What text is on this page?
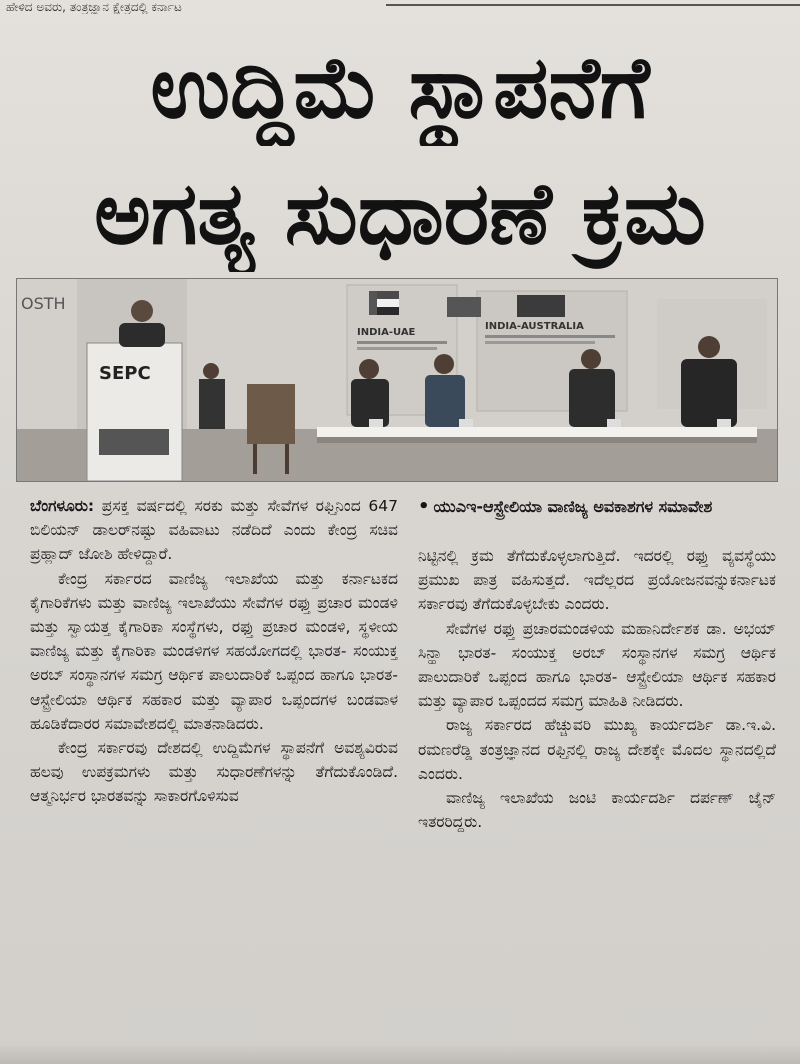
ಹೇಳಿದ ಅವರು, ತಂತ್ರಜ್ಞಾನ ಕ್ಷೇತ್ರದಲ್ಲಿ ಕರ್ನಾಟ
ಉದ್ದಿಮೆ ಸ್ಥಾಪನೆಗೆ
ಅಗತ್ಯ ಸುಧಾರಣೆ ಕ್ರಮ
INDIA-UAE
INDIA-AUSTRALIA
OSTH
SEPC

ಬೆಂಗಳೂರು: ಪ್ರಸಕ್ತ ವರ್ಷದಲ್ಲಿ ಸರಕು ಮತ್ತು ಸೇವೆಗಳ ರಫ್ತಿನಿಂದ 647 ಬಿಲಿಯನ್ ಡಾಲರ್‌ನಷ್ಟು ವಹಿವಾಟು ನಡೆದಿದೆ ಎಂದು ಕೇಂದ್ರ ಸಚಿವ ಪ್ರಹ್ಲಾದ್ ಜೋಶಿ ಹೇಳಿದ್ದಾರೆ.

ಕೇಂದ್ರ ಸರ್ಕಾರದ ವಾಣಿಜ್ಯ ಇಲಾಖೆಯ ಮತ್ತು ಕರ್ನಾಟಕದ ಕೈಗಾರಿಕೆಗಳು ಮತ್ತು ವಾಣಿಜ್ಯ ಇಲಾಖೆಯು ಸೇವೆಗಳ ರಫ್ತು ಪ್ರಚಾರ ಮಂಡಳಿ ಮತ್ತು ಸ್ವಾಯತ್ತ ಕೈಗಾರಿಕಾ ಸಂಸ್ಥೆಗಳು, ರಫ್ತು ಪ್ರಚಾರ ಮಂಡಳಿ, ಸ್ಥಳೀಯ ವಾಣಿಜ್ಯ ಮತ್ತು ಕೈಗಾರಿಕಾ ಮಂಡಳಿಗಳ ಸಹಯೋಗದಲ್ಲಿ ಭಾರತ- ಸಂಯುಕ್ತ ಅರಬ್ ಸಂಸ್ಥಾನಗಳ ಸಮಗ್ರ ಆರ್ಥಿಕ ಪಾಲುದಾರಿಕೆ ಒಪ್ಪಂದ ಹಾಗೂ ಭಾರತ- ಆಸ್ಟ್ರೇಲಿಯಾ ಆರ್ಥಿಕ ಸಹಕಾರ ಮತ್ತು ವ್ಯಾಪಾರ ಒಪ್ಪಂದಗಳ ಬಂಡವಾಳ ಹೂಡಿಕೆದಾರರ ಸಮಾವೇಶದಲ್ಲಿ ಮಾತನಾಡಿದರು.

ಕೇಂದ್ರ ಸರ್ಕಾರವು ದೇಶದಲ್ಲಿ ಉದ್ದಿಮೆಗಳ ಸ್ಥಾಪನೆಗೆ ಅವಶ್ಯವಿರುವ ಹಲವು ಉಪಕ್ರಮಗಳು ಮತ್ತು ಸುಧಾರಣೆಗಳನ್ನು ತೆಗೆದುಕೊಂಡಿದೆ. ಆತ್ಮನಿರ್ಭರ ಭಾರತವನ್ನು ಸಾಕಾರಗೊಳಿಸುವ

• ಯುಎಇ-ಆಸ್ಟ್ರೇಲಿಯಾ ವಾಣಿಜ್ಯ ಅವಕಾಶಗಳ ಸಮಾವೇಶ

ನಿಟ್ಟಿನಲ್ಲಿ ಕ್ರಮ ತೆಗೆದುಕೊಳ್ಳಲಾಗುತ್ತಿದೆ. ಇದರಲ್ಲಿ ರಫ್ತು ವ್ಯವಸ್ಥೆಯು ಪ್ರಮುಖ ಪಾತ್ರ ವಹಿಸುತ್ತದೆ. ಇದೆಲ್ಲರದ ಪ್ರಯೋಜನವನ್ನುಕರ್ನಾಟಕ ಸರ್ಕಾರವು ತೆಗೆದುಕೊಳ್ಳಬೇಕು ಎಂದರು.

ಸೇವೆಗಳ ರಫ್ತು ಪ್ರಚಾರಮಂಡಳಿಯ ಮಹಾನಿರ್ದೇಶಕ ಡಾ. ಅಭಯ್ ಸಿನ್ಹಾ ಭಾರತ- ಸಂಯುಕ್ತ ಅರಬ್ ಸಂಸ್ಥಾನಗಳ ಸಮಗ್ರ ಆರ್ಥಿಕ ಪಾಲುದಾರಿಕೆ ಒಪ್ಪಂದ ಹಾಗೂ ಭಾರತ- ಆಸ್ಟ್ರೇಲಿಯಾ ಆರ್ಥಿಕ ಸಹಕಾರ ಮತ್ತು ವ್ಯಾಪಾರ ಒಪ್ಪಂದದ ಸಮಗ್ರ ಮಾಹಿತಿ ನೀಡಿದರು.

ರಾಜ್ಯ ಸರ್ಕಾರದ ಹೆಚ್ಚುವರಿ ಮುಖ್ಯ ಕಾರ್ಯದರ್ಶಿ ಡಾ.ಇ.ವಿ. ರಮಣರೆಡ್ಡಿ ತಂತ್ರಜ್ಞಾನದ ರಫ್ತಿನಲ್ಲಿ ರಾಜ್ಯ ದೇಶಕ್ಕೇ ಮೊದಲ ಸ್ಥಾನದಲ್ಲಿದೆ ಎಂದರು.

ವಾಣಿಜ್ಯ ಇಲಾಖೆಯ ಜಂಟಿ ಕಾರ್ಯದರ್ಶಿ ದರ್ಪಣ್ ಜೈನ್ ಇತರರಿದ್ದರು.
